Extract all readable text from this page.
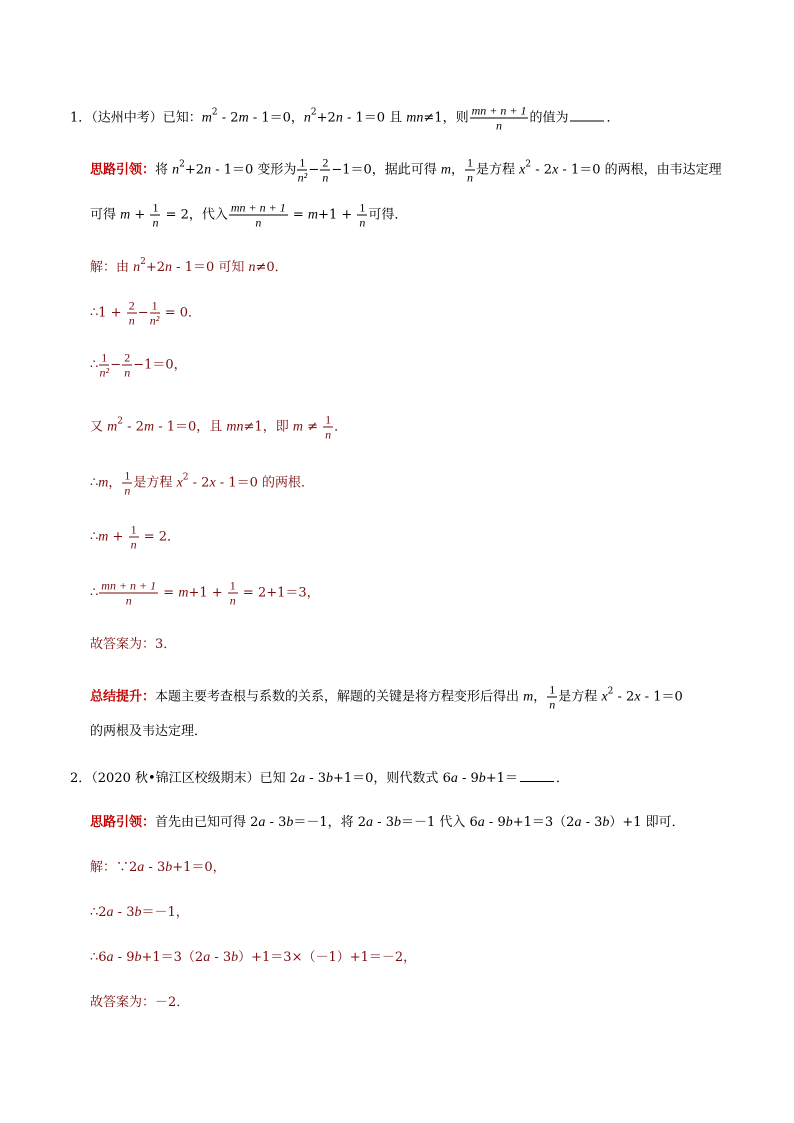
1．（达州中考）已知：$m^2 - 2m - 1=0$，$n^2+2n - 1=0$ 且 mn≠1，则 $\frac{mn + n + 1}{n}$ 的值为	．
思路引领：将 $n^2+2n - 1=0$ 变形为 $\frac{1}{\text{n²}} - \frac{2}{n} -1=0$，据此可得 m， $\frac{1}{n}$ 是方程 $x^2 - 2x - 1=0$ 的两根，由韦达定理
可得 $m + \frac{1}{n} = 2$，代入 $\frac{mn + n + 1}{n} = m+1 + \frac{1}{n}$ 可得．
解：由 $n^2+2n - 1=0$ 可知 n≠0．
∴1 + $\frac{2}{n} - \frac{1}{\text{n²}} = 0$．
∴ $\frac{1}{\text{n²}} - \frac{2}{n} -1=0$，
又 $m^2 - 2m - 1=0$，且 mn≠1，即 $m \ne \frac{1}{n}$ ．
∴m， $\frac{1}{n}$ 是方程 $x^2 - 2x - 1=0$ 的两根．
∴m + $\frac{1}{n} = 2$．
∴ $\frac{mn + n + 1}{n} = m+1 + \frac{1}{n} = 2+1=3$，
故答案为：3．
总结提升：本题主要考查根与系数的关系，解题的关键是将方程变形后得出 m， $\frac{1}{n}$ 是方程 $x^2 - 2x - 1=0$
的两根及韦达定理．
2．（2020 秋•锦江区校级期末）已知 2a - 3b+1＝0，则代数式 6a - 9b+1＝	．
思路引领：首先由已知可得 2a - 3b＝－1，将 2a - 3b＝－1 代入 6a - 9b+1＝3（2a - 3b）+1 即可．
解：∵2a - 3b+1＝0，
∴2a - 3b＝－1，
∴6a - 9b+1＝3（2a - 3b）+1＝3×（－1）+1＝－2，
故答案为：－2．
